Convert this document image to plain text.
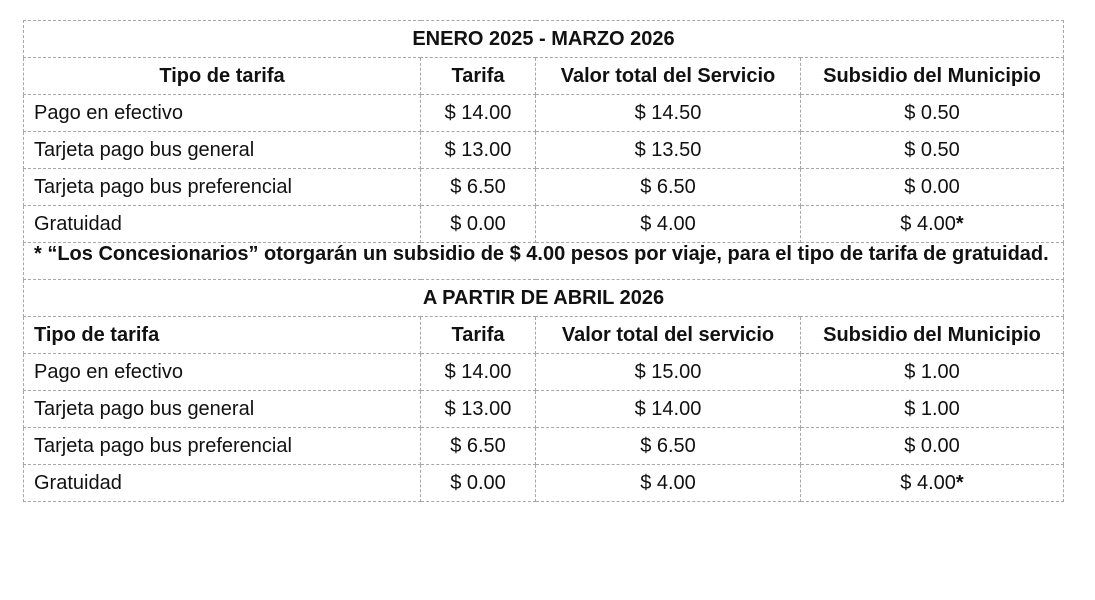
ENERO 2025 - MARZO 2026			
Tipo de tarifa	Tarifa	Valor total del Servicio	Subsidio del Municipio
Pago en efectivo	$ 14.00	$ 14.50	$ 0.50
Tarjeta pago bus general	$ 13.00	$ 13.50	$ 0.50
Tarjeta pago bus preferencial	$ 6.50	$ 6.50	$ 0.00
Gratuidad	$ 0.00	$ 4.00	$ 4.00*
* “Los Concesionarios” otorgarán un subsidio de $ 4.00 pesos por viaje, para el tipo de tarifa de gratuidad.			
A PARTIR DE ABRIL 2026			
Tipo de tarifa	Tarifa	Valor total del servicio	Subsidio del Municipio
Pago en efectivo	$ 14.00	$ 15.00	$ 1.00
Tarjeta pago bus general	$ 13.00	$ 14.00	$ 1.00
Tarjeta pago bus preferencial	$ 6.50	$ 6.50	$ 0.00
Gratuidad	$ 0.00	$ 4.00	$ 4.00*
